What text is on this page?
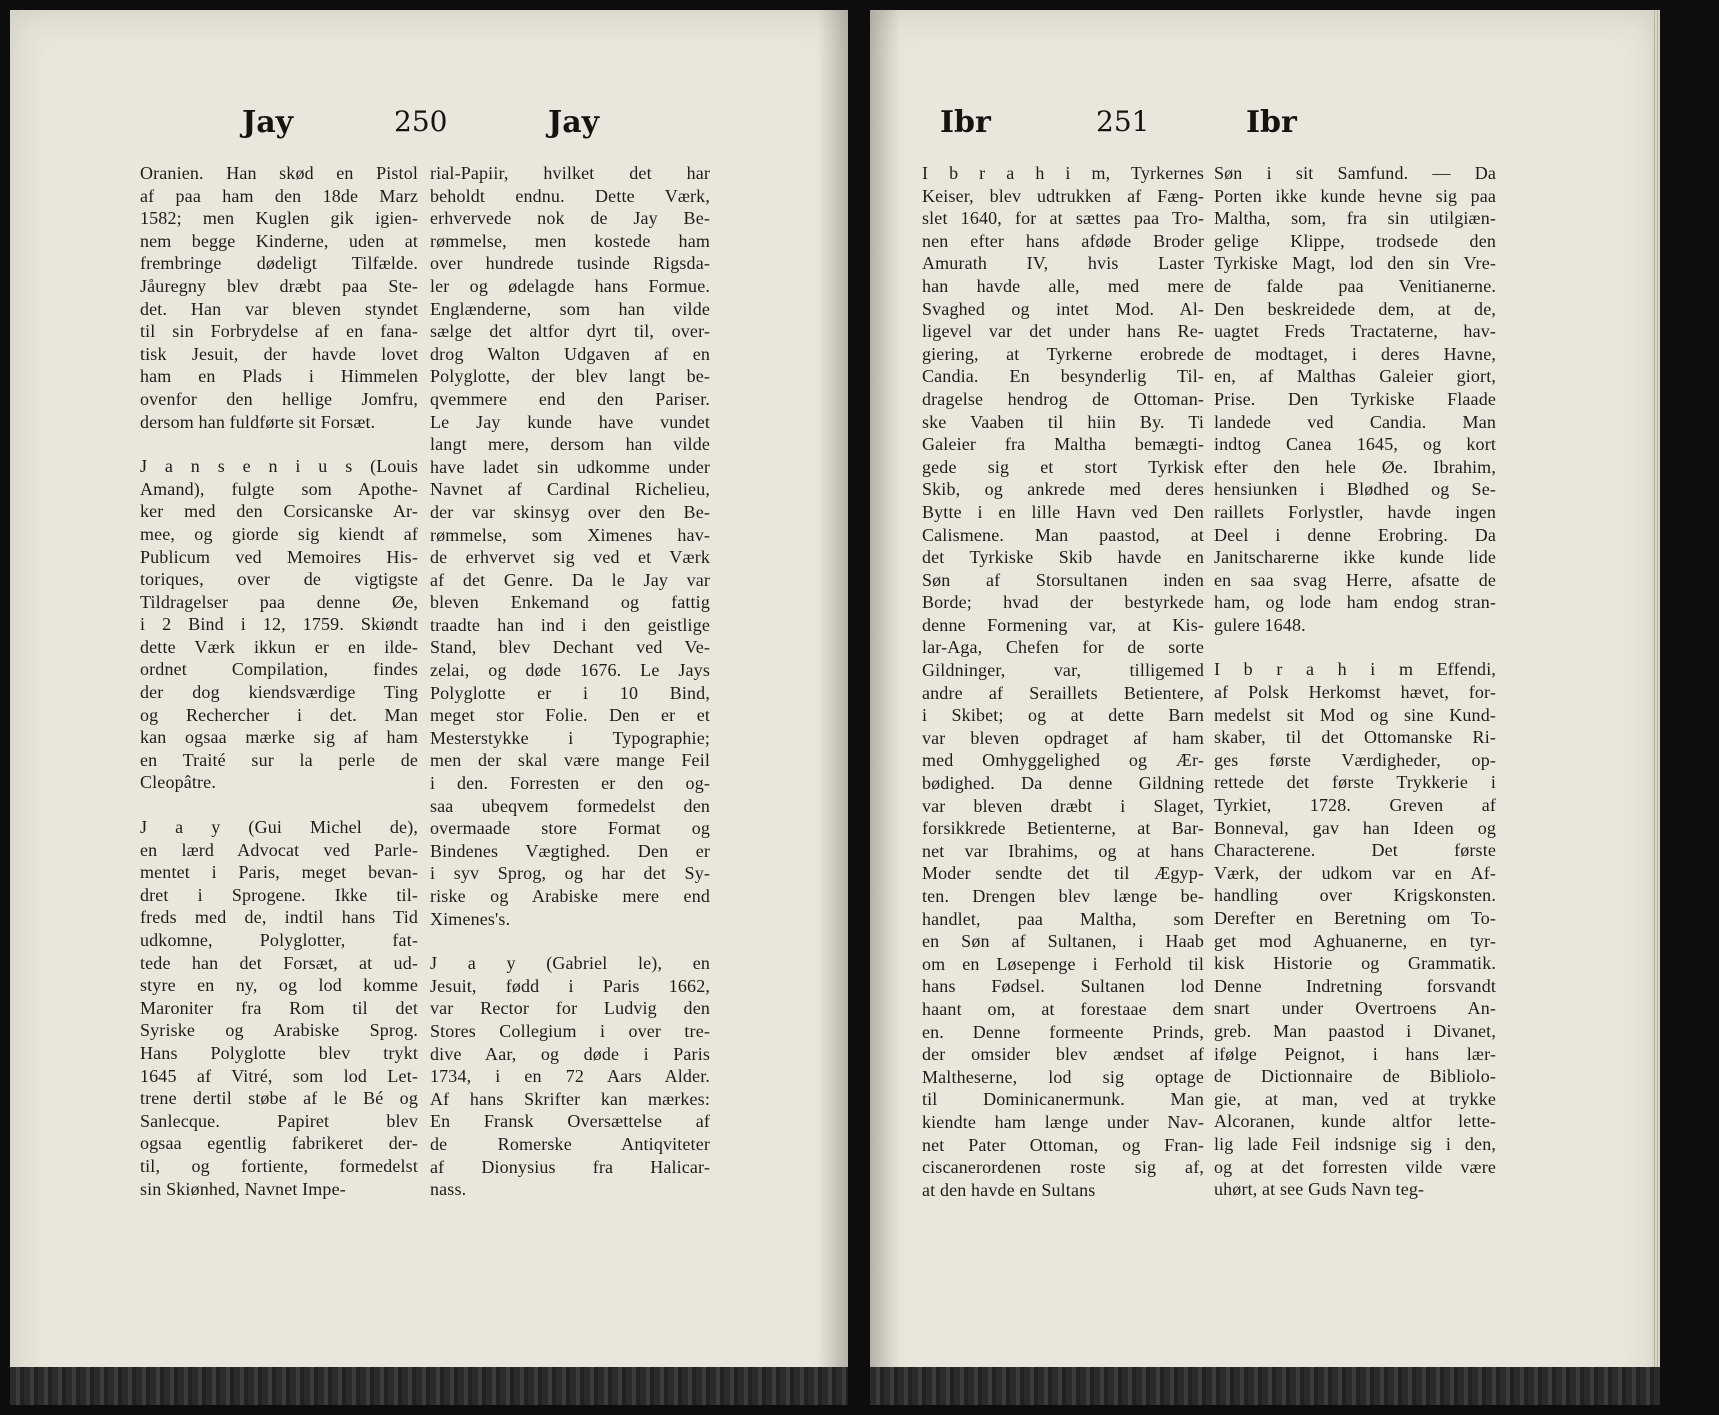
Jay	250	Jay
Oranien. Han skød en Pistol
af paa ham den 18de Marz
1582; men Kuglen gik igien-
nem begge Kinderne, uden at
frembringe dødeligt Tilfælde.
Jåuregny blev dræbt paa Ste-
det. Han var bleven styndet
til sin Forbrydelse af en fana-
tisk Jesuit, der havde lovet
ham en Plads i Himmelen
ovenfor den hellige Jomfru,
dersom han fuldførte sit Forsæt.
J a n s e n i u s (Louis
Amand), fulgte som Apothe-
ker med den Corsicanske Ar-
mee, og giorde sig kiendt af
Publicum ved Memoires His-
toriques, over de vigtigste
Tildragelser paa denne Øe,
i 2 Bind i 12, 1759. Skiøndt
dette Værk ikkun er en ilde-
ordnet Compilation, findes
der dog kiendsværdige Ting
og Rechercher i det. Man
kan ogsaa mærke sig af ham
en Traité sur la perle de
Cleopâtre.
J a y (Gui Michel de),
en lærd Advocat ved Parle-
mentet i Paris, meget bevan-
dret i Sprogene. Ikke til-
freds med de, indtil hans Tid
udkomne, Polyglotter, fat-
tede han det Forsæt, at ud-
styre en ny, og lod komme
Maroniter fra Rom til det
Syriske og Arabiske Sprog.
Hans Polyglotte blev trykt
1645 af Vitré, som lod Let-
trene dertil støbe af le Bé og
Sanlecque. Papiret blev
ogsaa egentlig fabrikeret der-
til, og fortiente, formedelst
sin Skiønhed, Navnet Impe-
rial-Papiir, hvilket det har
beholdt endnu. Dette Værk,
erhvervede nok de Jay Be-
rømmelse, men kostede ham
over hundrede tusinde Rigsda-
ler og ødelagde hans Formue.
Englænderne, som han vilde
sælge det altfor dyrt til, over-
drog Walton Udgaven af en
Polyglotte, der blev langt be-
qvemmere end den Pariser.
Le Jay kunde have vundet
langt mere, dersom han vilde
have ladet sin udkomme under
Navnet af Cardinal Richelieu,
der var skinsyg over den Be-
rømmelse, som Ximenes hav-
de erhvervet sig ved et Værk
af det Genre. Da le Jay var
bleven Enkemand og fattig
traadte han ind i den geistlige
Stand, blev Dechant ved Ve-
zelai, og døde 1676. Le Jays
Polyglotte er i 10 Bind,
meget stor Folie. Den er et
Mesterstykke i Typographie;
men der skal være mange Feil
i den. Forresten er den og-
saa ubeqvem formedelst den
overmaade store Format og
Bindenes Vægtighed. Den er
i syv Sprog, og har det Sy-
riske og Arabiske mere end
Ximenes's.
J a y (Gabriel le), en
Jesuit, fødd i Paris 1662,
var Rector for Ludvig den
Stores Collegium i over tre-
dive Aar, og døde i Paris
1734, i en 72 Aars Alder.
Af hans Skrifter kan mærkes:
En Fransk Oversættelse af
de Romerske Antiqviteter
af Dionysius fra Halicar-
nass.
Ibr	251	Ibr
I b r a h i m, Tyrkernes
Keiser, blev udtrukken af Fæng-
slet 1640, for at sættes paa Tro-
nen efter hans afdøde Broder
Amurath IV, hvis Laster
han havde alle, med mere
Svaghed og intet Mod. Al-
ligevel var det under hans Re-
giering, at Tyrkerne erobrede
Candia. En besynderlig Til-
dragelse hendrog de Ottoman-
ske Vaaben til hiin By. Ti
Galeier fra Maltha bemægti-
gede sig et stort Tyrkisk
Skib, og ankrede med deres
Bytte i en lille Havn ved Den
Calismene. Man paastod, at
det Tyrkiske Skib havde en
Søn af Storsultanen inden
Borde; hvad der bestyrkede
denne Formening var, at Kis-
lar-Aga, Chefen for de sorte
Gildninger, var, tilligemed
andre af Seraillets Betientere,
i Skibet; og at dette Barn
var bleven opdraget af ham
med Omhyggelighed og Ær-
bødighed. Da denne Gildning
var bleven dræbt i Slaget,
forsikkrede Betienterne, at Bar-
net var Ibrahims, og at hans
Moder sendte det til Ægyp-
ten. Drengen blev længe be-
handlet, paa Maltha, som
en Søn af Sultanen, i Haab
om en Løsepenge i Ferhold til
hans Fødsel. Sultanen lod
haant om, at forestaae dem
en. Denne formeente Prinds,
der omsider blev ændset af
Maltheserne, lod sig optage
til Dominicanermunk. Man
kiendte ham længe under Nav-
net Pater Ottoman, og Fran-
ciscanerordenen roste sig af,
at den havde en Sultans
Søn i sit Samfund. — Da
Porten ikke kunde hevne sig paa
Maltha, som, fra sin utilgiæn-
gelige Klippe, trodsede den
Tyrkiske Magt, lod den sin Vre-
de falde paa Venitianerne.
Den beskreidede dem, at de,
uagtet Freds Tractaterne, hav-
de modtaget, i deres Havne,
en, af Malthas Galeier giort,
Prise. Den Tyrkiske Flaade
landede ved Candia. Man
indtog Canea 1645, og kort
efter den hele Øe. Ibrahim,
hensiunken i Blødhed og Se-
raillets Forlystler, havde ingen
Deel i denne Erobring. Da
Janitscharerne ikke kunde lide
en saa svag Herre, afsatte de
ham, og lode ham endog stran-
gulere 1648.
I b r a h i m Effendi,
af Polsk Herkomst hævet, for-
medelst sit Mod og sine Kund-
skaber, til det Ottomanske Ri-
ges første Værdigheder, op-
rettede det første Trykkerie i
Tyrkiet, 1728. Greven af
Bonneval, gav han Ideen og
Characterene. Det første
Værk, der udkom var en Af-
handling over Krigskonsten.
Derefter en Beretning om To-
get mod Aghuanerne, en tyr-
kisk Historie og Grammatik.
Denne Indretning forsvandt
snart under Overtroens An-
greb. Man paastod i Divanet,
ifølge Peignot, i hans lær-
de Dictionnaire de Bibliolo-
gie, at man, ved at trykke
Alcoranen, kunde altfor lette-
lig lade Feil indsnige sig i den,
og at det forresten vilde være
uhørt, at see Guds Navn teg-
